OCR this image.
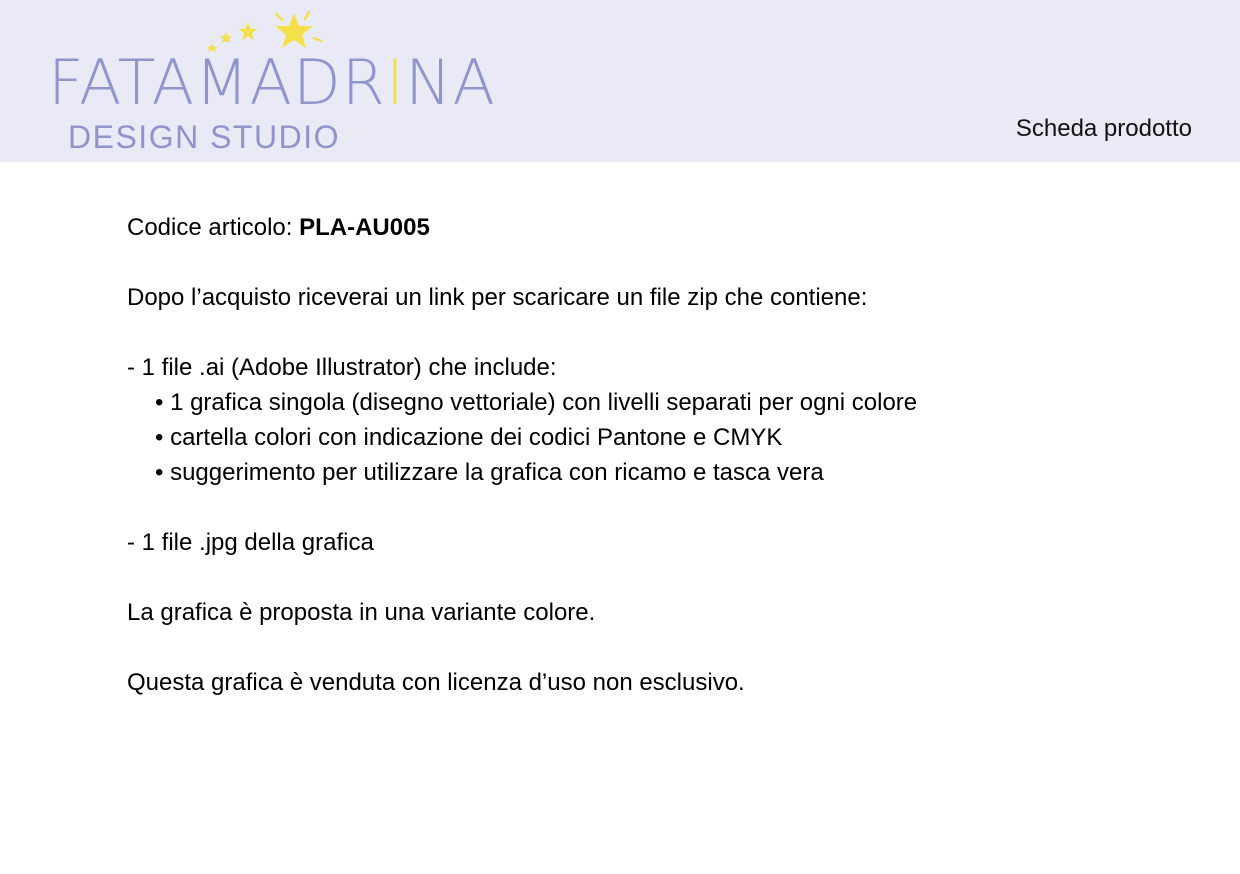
FATAMADRINA
DESIGN STUDIO	Scheda prodotto

Codice articolo: PLA-AU005

Dopo l’acquisto riceverai un link per scaricare un file zip che contiene:

- 1 file .ai (Adobe Illustrator) che include:

• 1 grafica singola (disegno vettoriale) con livelli separati per ogni colore

• cartella colori con indicazione dei codici Pantone e CMYK

• suggerimento per utilizzare la grafica con ricamo e tasca vera

- 1 file .jpg della grafica

La grafica è proposta in una variante colore.

Questa grafica è venduta con licenza d’uso non esclusivo.
